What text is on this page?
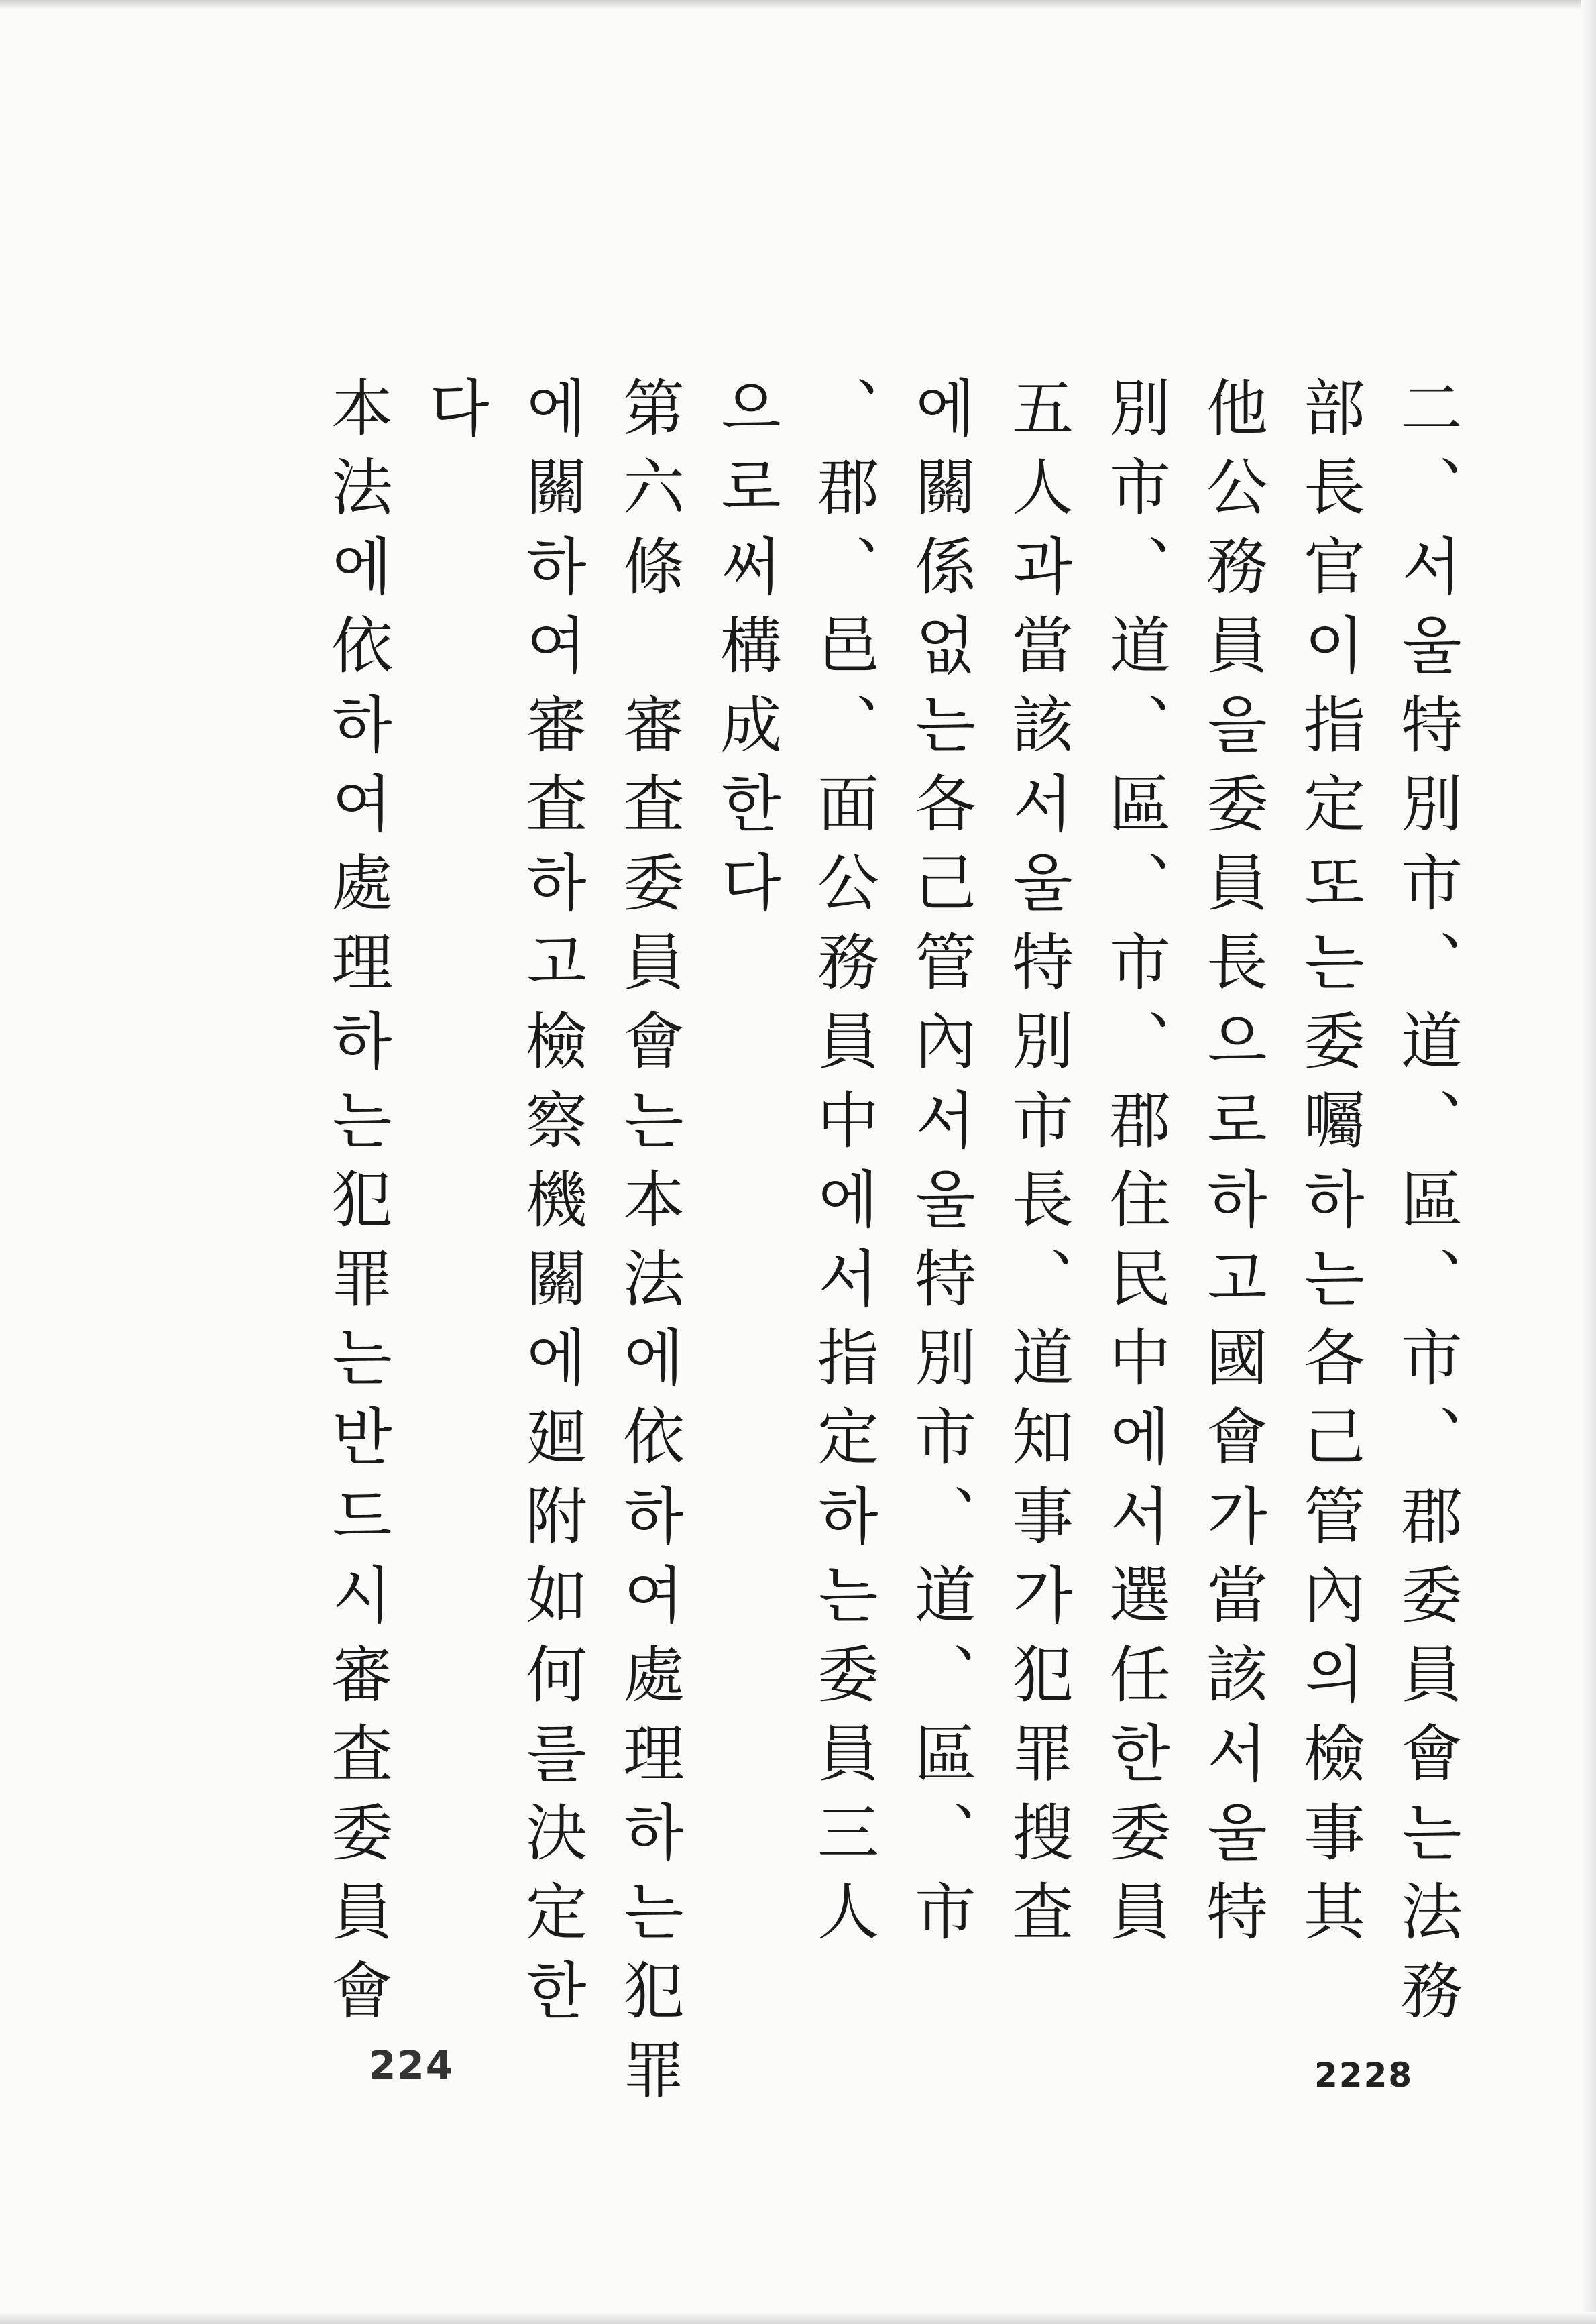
二、서울特別市、道、區、市、郡委員會는法務
部長官이指定또는委囑하는各己管內의檢事其
他公務員을委員長으로하고國會가當該서울特
別市、道、區、市、郡住民中에서選任한委員
五人과當該서울特別市長、道知事가犯罪搜査
에關係없는各己管內서울特別市、道、區、市
、郡、邑、面公務員中에서指定하는委員三人
으로써構成한다
第六條　審査委員會는本法에依하여處理하는犯罪
에關하여審査하고檢察機關에廻附如何를決定한
다
本法에依하여處理하는犯罪는반드시審査委員會
224	2228
